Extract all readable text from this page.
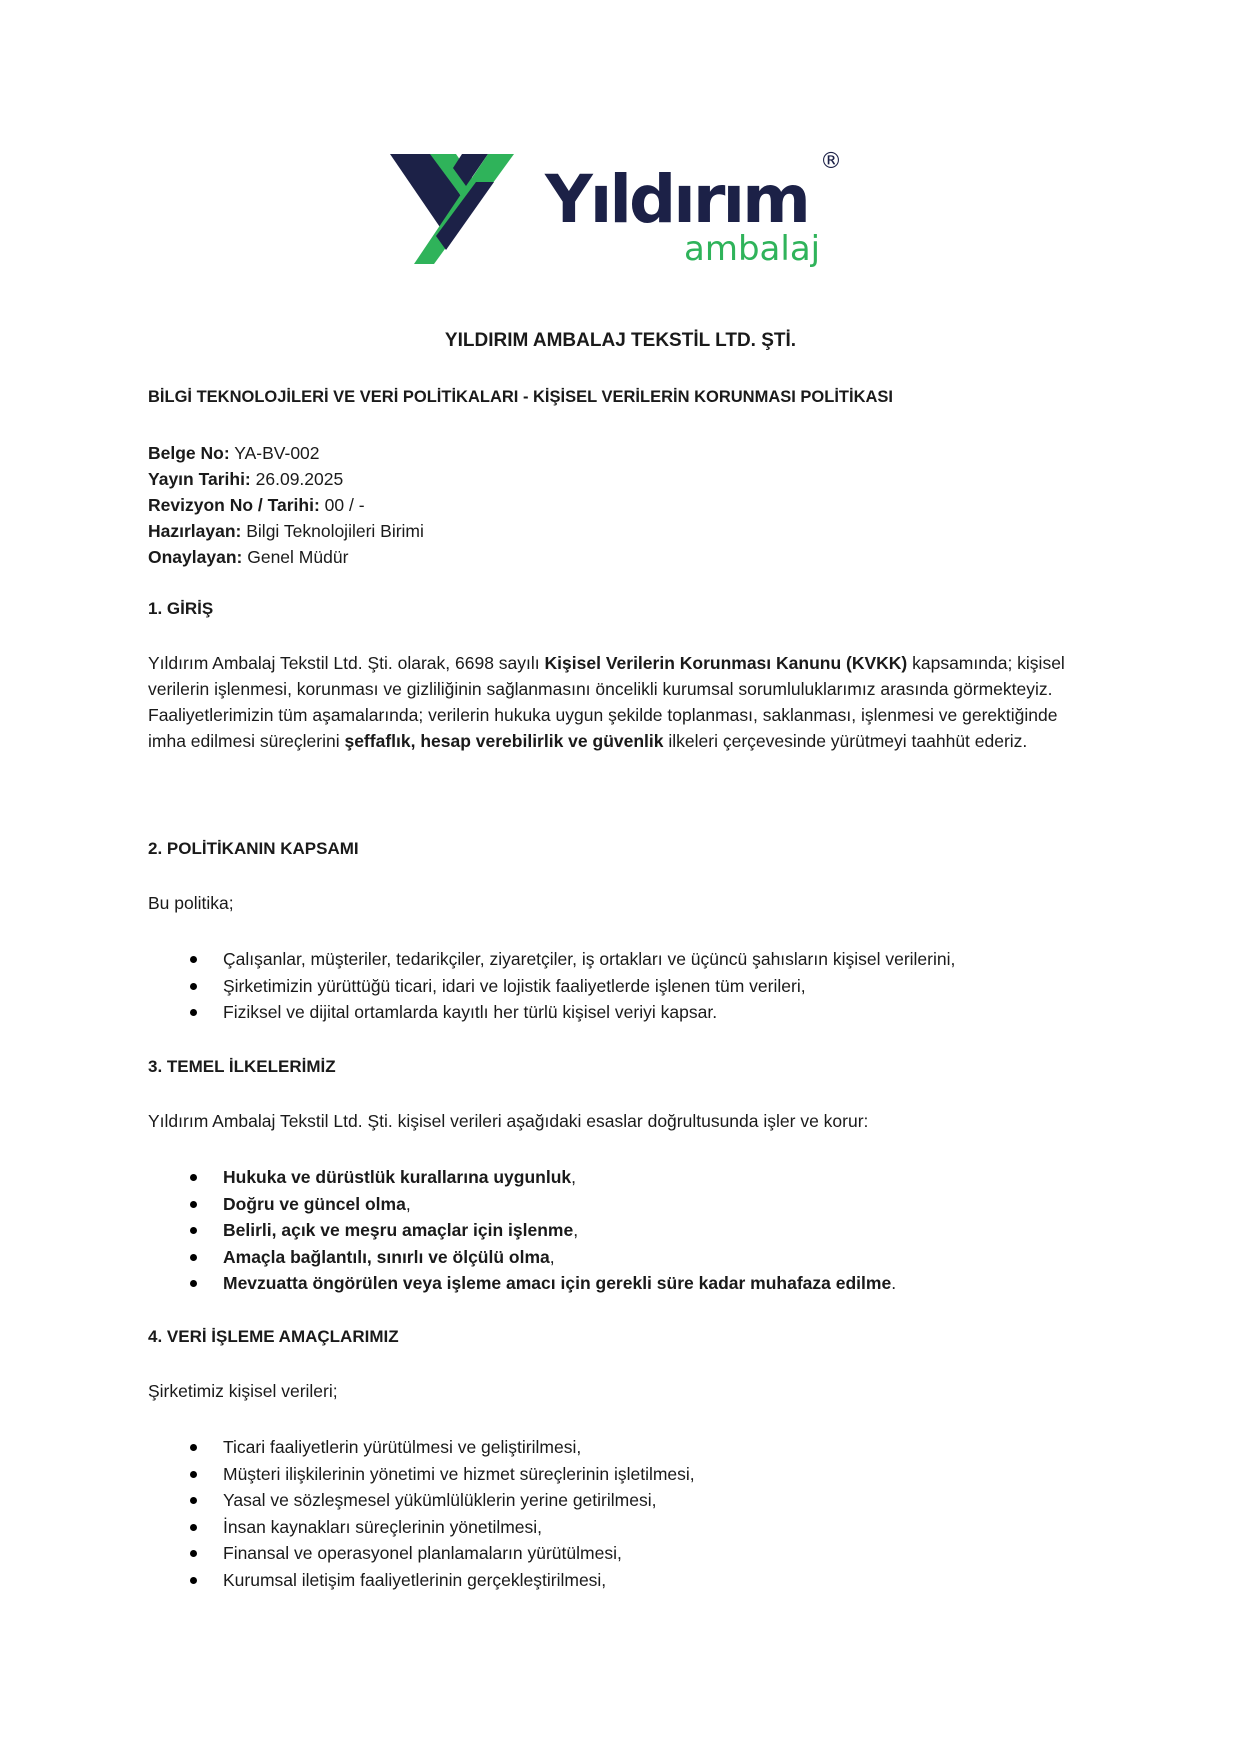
Yıldırım
ambalaj
®
YILDIRIM AMBALAJ TEKSTİL LTD. ŞTİ.
BİLGİ TEKNOLOJİLERİ VE VERİ POLİTİKALARI - KİŞİSEL VERİLERİN KORUNMASI POLİTİKASI
Belge No: YA-BV-002
Yayın Tarihi: 26.09.2025
Revizyon No / Tarihi: 00 / -
Hazırlayan: Bilgi Teknolojileri Birimi
Onaylayan: Genel Müdür
1. GİRİŞ

Yıldırım Ambalaj Tekstil Ltd. Şti. olarak, 6698 sayılı Kişisel Verilerin Korunması Kanunu (KVKK) kapsamında; kişisel verilerin işlenmesi, korunması ve gizliliğinin sağlanmasını öncelikli kurumsal sorumluluklarımız arasında görmekteyiz.

Faaliyetlerimizin tüm aşamalarında; verilerin hukuka uygun şekilde toplanması, saklanması, işlenmesi ve gerektiğinde imha edilmesi süreçlerini şeffaflık, hesap verebilirlik ve güvenlik ilkeleri çerçevesinde yürütmeyi taahhüt ederiz.

2. POLİTİKANIN KAPSAMI

Bu politika;

Çalışanlar, müşteriler, tedarikçiler, ziyaretçiler, iş ortakları ve üçüncü şahısların kişisel verilerini,
Şirketimizin yürüttüğü ticari, idari ve lojistik faaliyetlerde işlenen tüm verileri,
Fiziksel ve dijital ortamlarda kayıtlı her türlü kişisel veriyi kapsar.
3. TEMEL İLKELERİMİZ

Yıldırım Ambalaj Tekstil Ltd. Şti. kişisel verileri aşağıdaki esaslar doğrultusunda işler ve korur:

Hukuka ve dürüstlük kurallarına uygunluk,
Doğru ve güncel olma,
Belirli, açık ve meşru amaçlar için işlenme,
Amaçla bağlantılı, sınırlı ve ölçülü olma,
Mevzuatta öngörülen veya işleme amacı için gerekli süre kadar muhafaza edilme.
4. VERİ İŞLEME AMAÇLARIMIZ

Şirketimiz kişisel verileri;

Ticari faaliyetlerin yürütülmesi ve geliştirilmesi,
Müşteri ilişkilerinin yönetimi ve hizmet süreçlerinin işletilmesi,
Yasal ve sözleşmesel yükümlülüklerin yerine getirilmesi,
İnsan kaynakları süreçlerinin yönetilmesi,
Finansal ve operasyonel planlamaların yürütülmesi,
Kurumsal iletişim faaliyetlerinin gerçekleştirilmesi,
